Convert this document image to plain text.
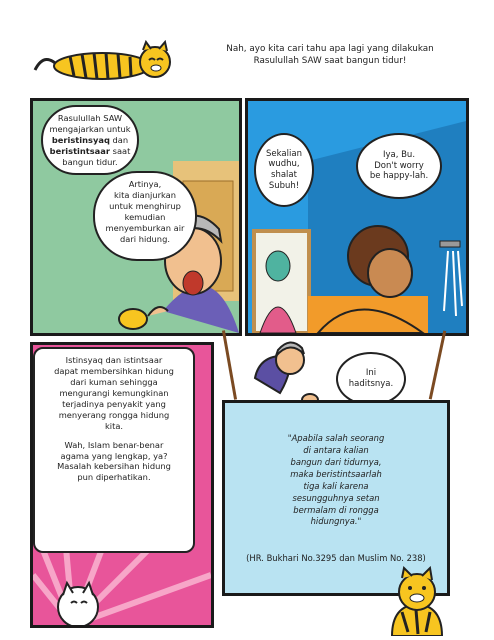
Nah, ayo kita cari tahu apa lagi yang dilakukan
Rasulullah SAW saat bangun tidur!

Rasulullah SAW

mengajarkan untuk

beristinsyaq dan

beristintsaar saat

bangun tidur.

Artinya,

kita dianjurkan

untuk menghirup

kemudian

menyemburkan air

dari hidung.

Sekalian
wudhu,
shalat
Subuh!
Iya, Bu.
Don't worry
be happy-lah.

Istinsyaq dan istintsaar

dapat membersihkan hidung

dari kuman sehingga

mengurangi kemungkinan

terjadinya penyakit yang

menyerang rongga hidung

kita.

Wah, Islam benar-benar

agama yang lengkap, ya?

Masalah kebersihan hidung

pun diperhatikan.

Ini
haditsnya.
"Apabila salah seorang
di antara kalian
bangun dari tidurnya,
maka beristintsaarlah
tiga kali karena
sesungguhnya setan
bermalam di rongga
hidungnya."
(HR. Bukhari No.3295 dan Muslim No. 238)
